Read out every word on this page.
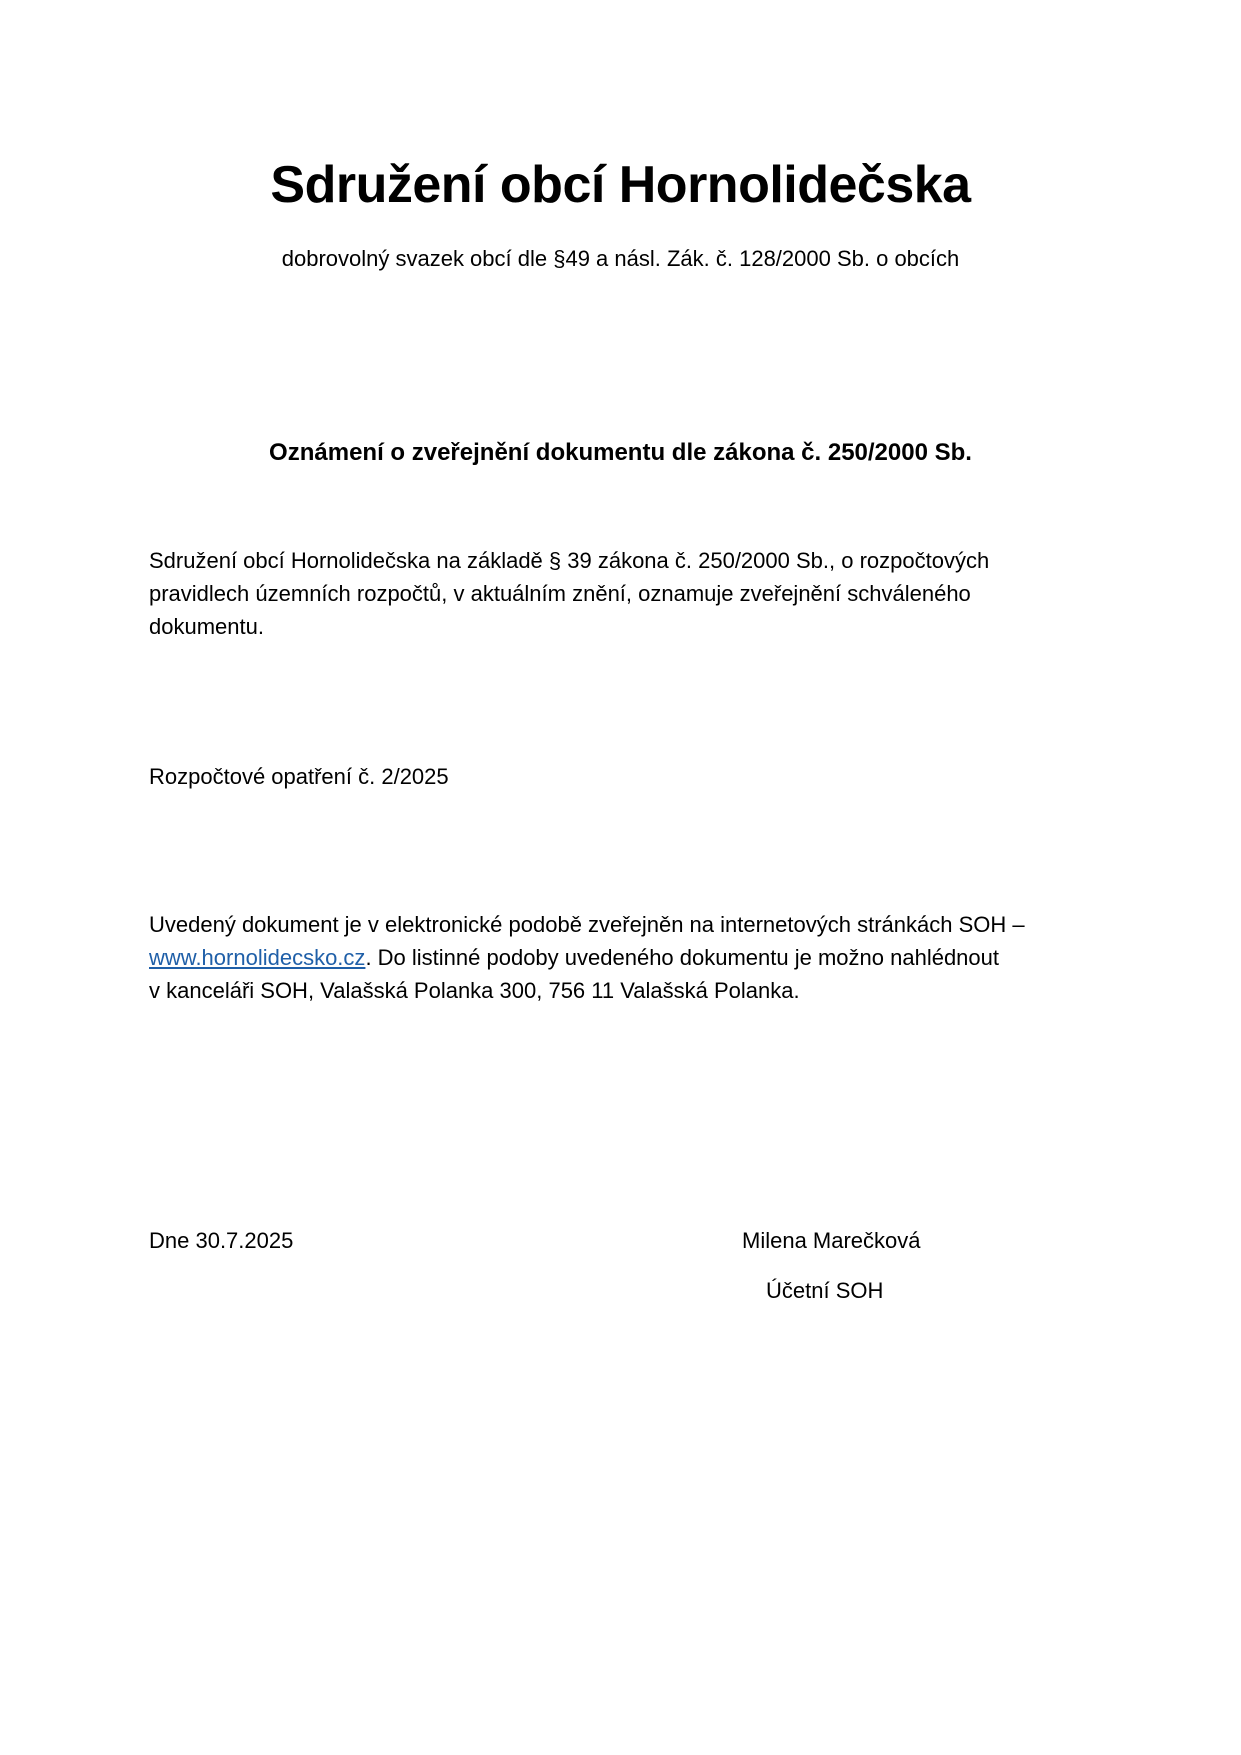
Sdružení obcí Hornolidečska
dobrovolný svazek obcí dle §49 a násl. Zák. č. 128/2000 Sb. o obcích
Oznámení o zveřejnění dokumentu dle zákona č. 250/2000 Sb.
Sdružení obcí Hornolidečska na základě § 39 zákona č. 250/2000 Sb., o rozpočtových
pravidlech územních rozpočtů, v aktuálním znění, oznamuje zveřejnění schváleného
dokumentu.
Rozpočtové opatření č. 2/2025
Uvedený dokument je v elektronické podobě zveřejněn na internetových stránkách SOH –
www.hornolidecsko.cz. Do listinné podoby uvedeného dokumentu je možno nahlédnout
v kanceláři SOH, Valašská Polanka 300, 756 11 Valašská Polanka.
Dne 30.7.2025	Milena Marečková
Účetní SOH
